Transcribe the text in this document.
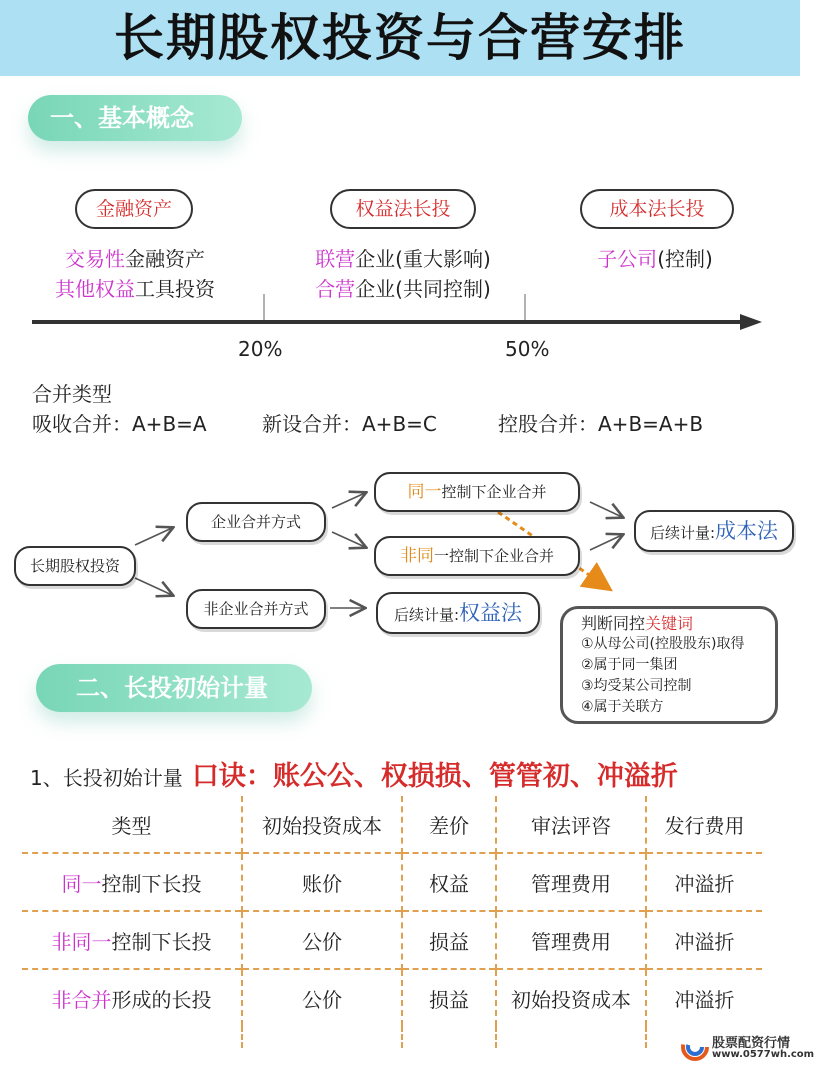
长期股权投资与合营安排
一、基本概念
金融资产	权益法长投	成本法长投
交易性金融资产
其他权益工具投资
联营企业(重大影响)
合营企业(共同控制)
子公司(控制)
20%	50%
合并类型
吸收合并：A+B=A	新设合并：A+B=C	控股合并：A+B=A+B
长期股权投资
企业合并方式
非企业合并方式
同一控制下企业合并
非同一控制下企业合并
后续计量:成本法
后续计量:权益法	判断同控关键词
①从母公司(控股股东)取得
②属于同一集团
③均受某公司控制
④属于关联方
二、长投初始计量
1、长投初始计量 口诀：账公公、权损损、管管初、冲溢折
类型	初始投资成本	差价	审法评咨	发行费用
同一控制下长投	账价	权益	管理费用	冲溢折
非同一控制下长投	公价	损益	管理费用	冲溢折
非合并形成的长投	公价	损益	初始投资成本	冲溢折

股票配资行情
www.0577wh.com
